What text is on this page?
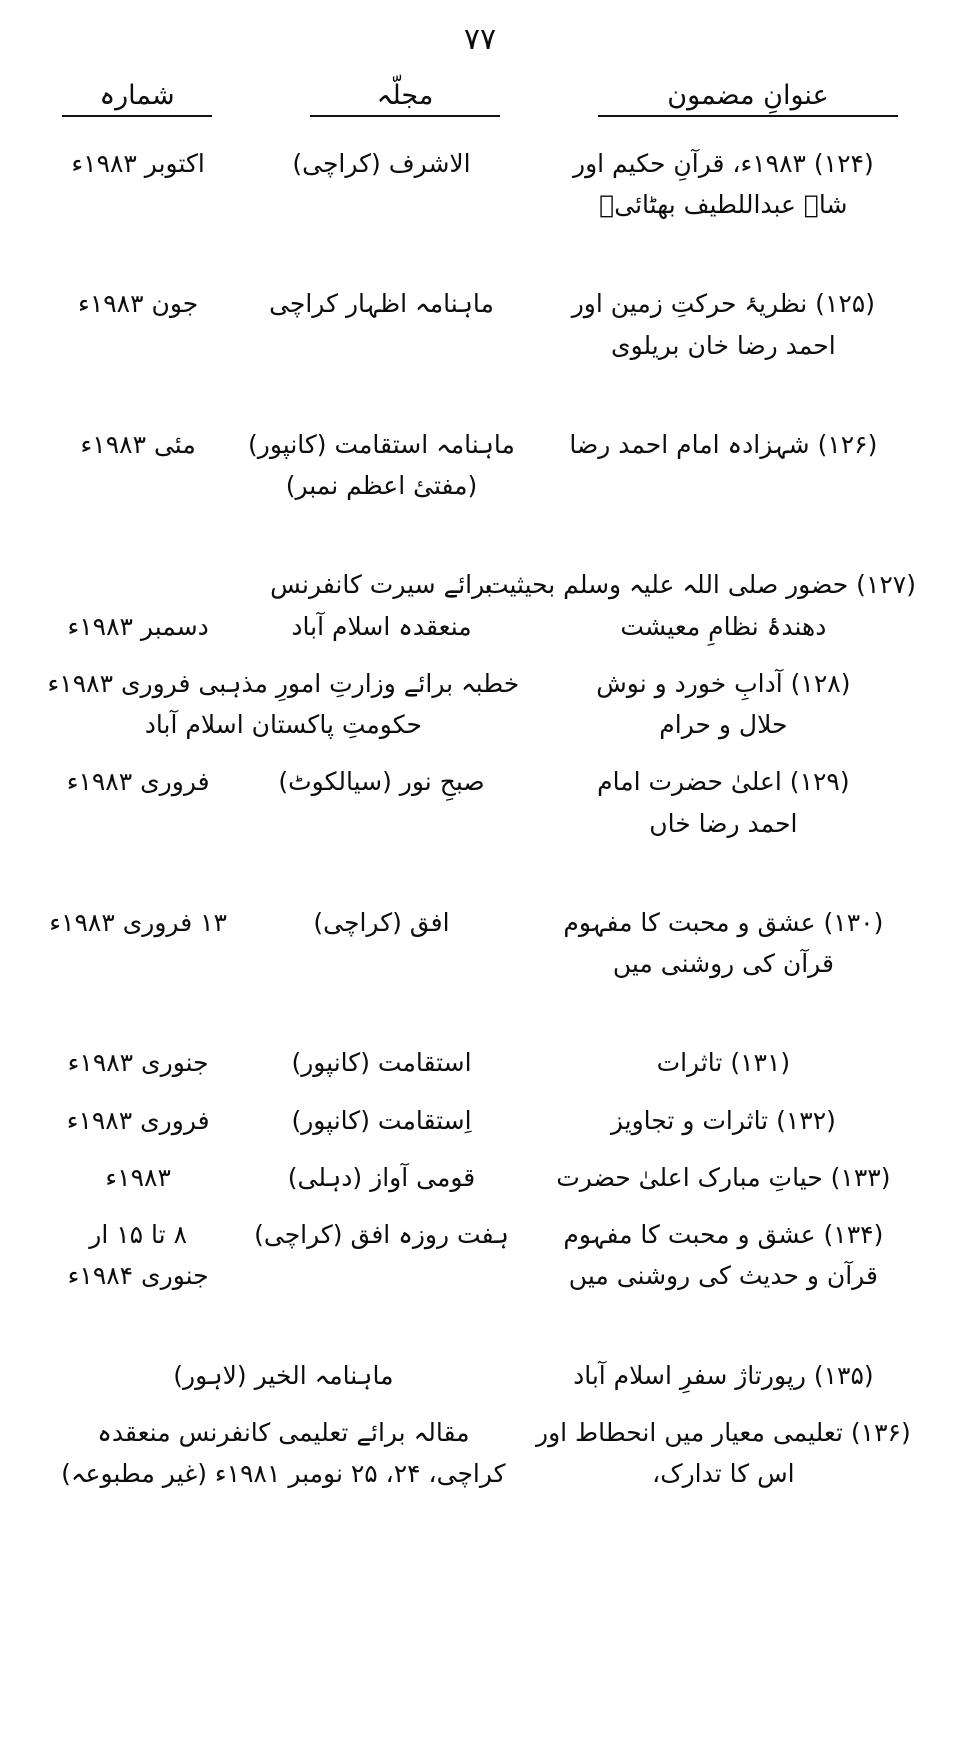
۷۷
عنوانِ مضمون
مجلّہ
شمارہ
(۱۲۴) ۱۹۸۳ء، قرآنِ حکیم اور
شاہ عبداللطیف بھٹائیؒ	الاشرف (کراچی)	اکتوبر ۱۹۸۳ء

(۱۲۵) نظریۂ حرکتِ زمین اور
احمد رضا خان بریلوی	ماہنامہ اظہار کراچی	جون ۱۹۸۳ء

(۱۲۶) شہزادہ امام احمد رضا	ماہنامہ استقامت (کانپور)
(مفتیٔ اعظم نمبر)	مئی ۱۹۸۳ء

(۱۲۷) حضور صلی اللہ علیہ وسلم بحیثیت
دھندۂ نظامِ معیشت	برائے سیرت کانفرنس
منعقدہ اسلام آباد	دسمبر ۱۹۸۳ء

(۱۲۸) آدابِ خورد و نوش
حلال و حرام	خطبہ برائے وزارتِ امورِ مذہبی فروری ۱۹۸۳ء
حکومتِ پاکستان اسلام آباد	

(۱۲۹) اعلیٰ حضرت امام
احمد رضا خاں	صبحِ نور (سیالکوٹ)	فروری ۱۹۸۳ء

(۱۳۰) عشق و محبت کا مفہوم
قرآن کی روشنی میں	افق (کراچی)	۱۳ فروری ۱۹۸۳ء

(۱۳۱) تاثرات	استقامت (کانپور)	جنوری ۱۹۸۳ء

(۱۳۲) تاثرات و تجاویز	اِستقامت (کانپور)	فروری ۱۹۸۳ء

(۱۳۳) حیاتِ مبارک اعلیٰ حضرت	قومی آواز (دہلی)	۱۹۸۳ء

(۱۳۴) عشق و محبت کا مفہوم
قرآن و حدیث کی روشنی میں	ہفت روزہ افق (کراچی)	۸ تا ۱۵ ار
جنوری ۱۹۸۴ء

(۱۳۵) رپورتاژ سفرِ اسلام آباد	ماہنامہ الخیر (لاہور)	

(۱۳۶) تعلیمی معیار میں انحطاط اور
اس کا تدارک،	مقالہ برائے تعلیمی کانفرنس منعقدہ
کراچی، ۲۴، ۲۵ نومبر ۱۹۸۱ء (غیر مطبوعہ)	
